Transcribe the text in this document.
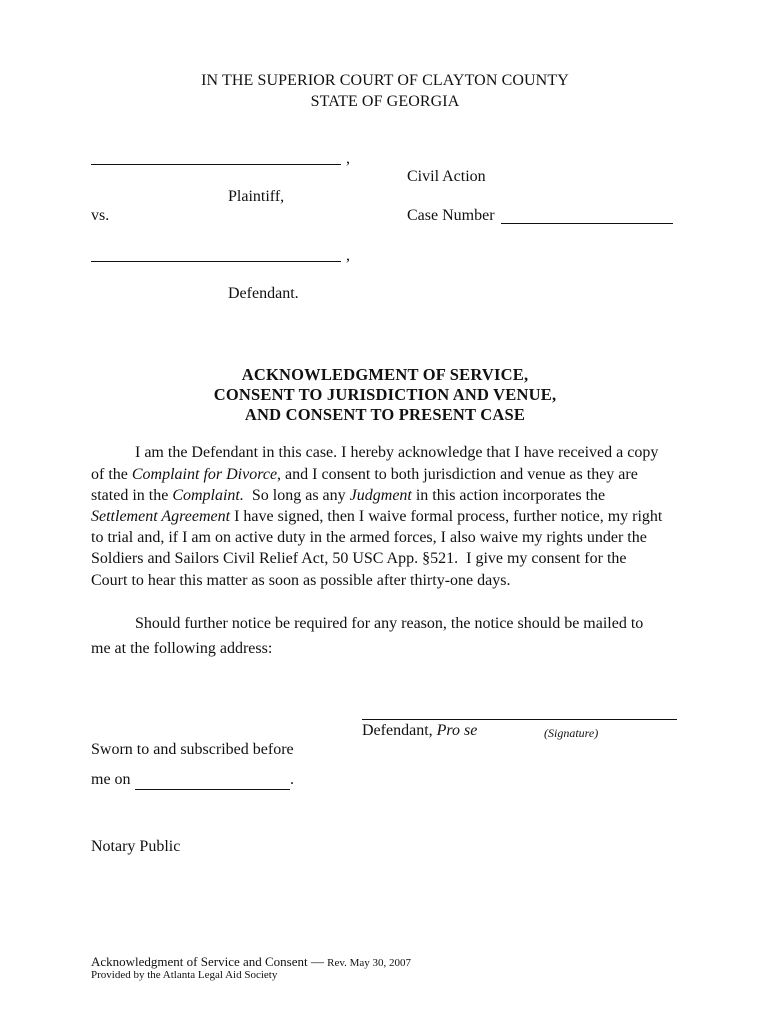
IN THE SUPERIOR COURT OF CLAYTON COUNTY
STATE OF GEORGIA
,
Plaintiff,
vs.
Civil Action
Case Number
,
Defendant.
ACKNOWLEDGMENT OF SERVICE,
CONSENT TO JURISDICTION AND VENUE,
AND CONSENT TO PRESENT CASE
I am the Defendant in this case. I hereby acknowledge that I have received a copy
of the Complaint for Divorce, and I consent to both jurisdiction and venue as they are
stated in the Complaint.  So long as any Judgment in this action incorporates the
Settlement Agreement I have signed, then I waive formal process, further notice, my right
to trial and, if I am on active duty in the armed forces, I also waive my rights under the
Soldiers and Sailors Civil Relief Act, 50 USC App. §521.  I give my consent for the
Court to hear this matter as soon as possible after thirty-one days.
Should further notice be required for any reason, the notice should be mailed to
me at the following address:
Defendant, Pro se	(Signature)
Sworn to and subscribed before
me on	.
Notary Public
Acknowledgment of Service and Consent — Rev. May 30, 2007
Provided by the Atlanta Legal Aid Society
